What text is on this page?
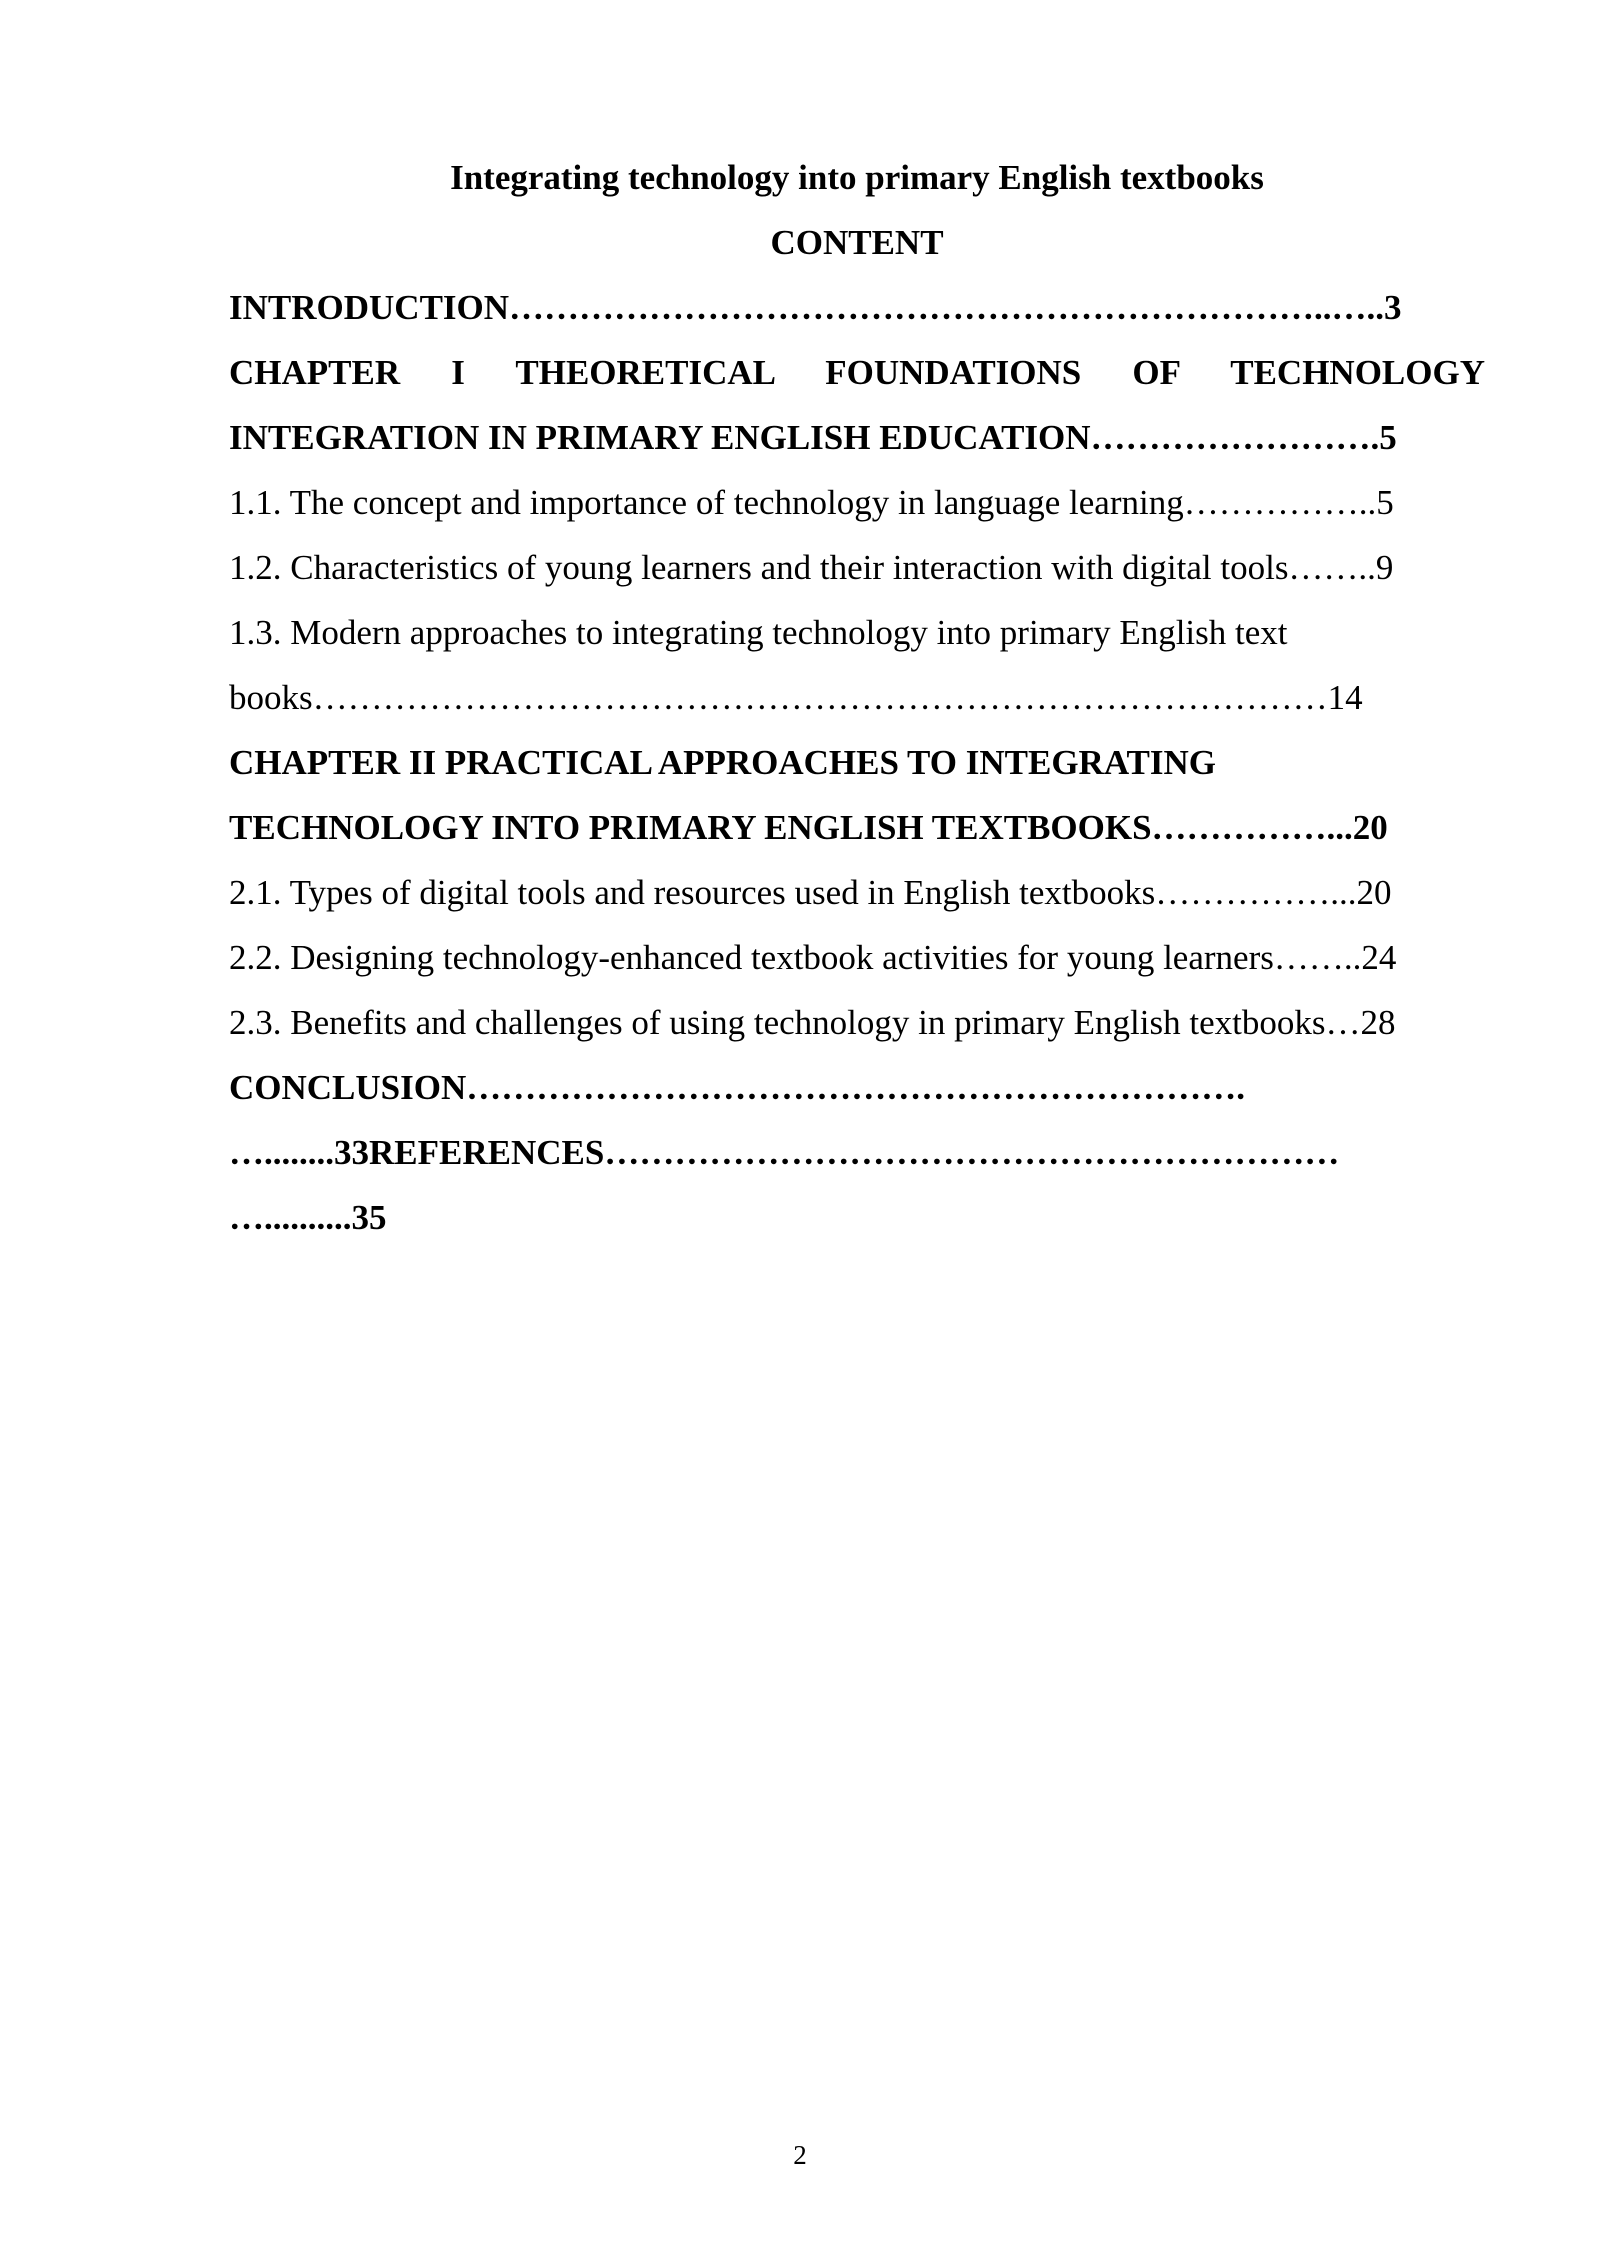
Integrating technology into primary English textbooks
CONTENT
INTRODUCTION……………………………………………………………..…..3
CHAPTER I THEORETICAL FOUNDATIONS OF TECHNOLOGY
INTEGRATION IN PRIMARY ENGLISH EDUCATION…………………….5
1.1. The concept and importance of technology in language learning……………..5
1.2. Characteristics of young learners and their interaction with digital tools……..9
1.3. Modern approaches to integrating technology into primary English text
books……………………………………………………………………………14
CHAPTER II PRACTICAL APPROACHES TO INTEGRATING
TECHNOLOGY INTO PRIMARY ENGLISH TEXTBOOKS……………...20
2.1. Types of digital tools and resources used in English textbooks……………...20
2.2. Designing technology-enhanced textbook activities for young learners……..24
2.3. Benefits and challenges of using technology in primary English textbooks…28
CONCLUSION………………………………………………………….
…........33REFERENCES………………………………………………………
…..........35
2
